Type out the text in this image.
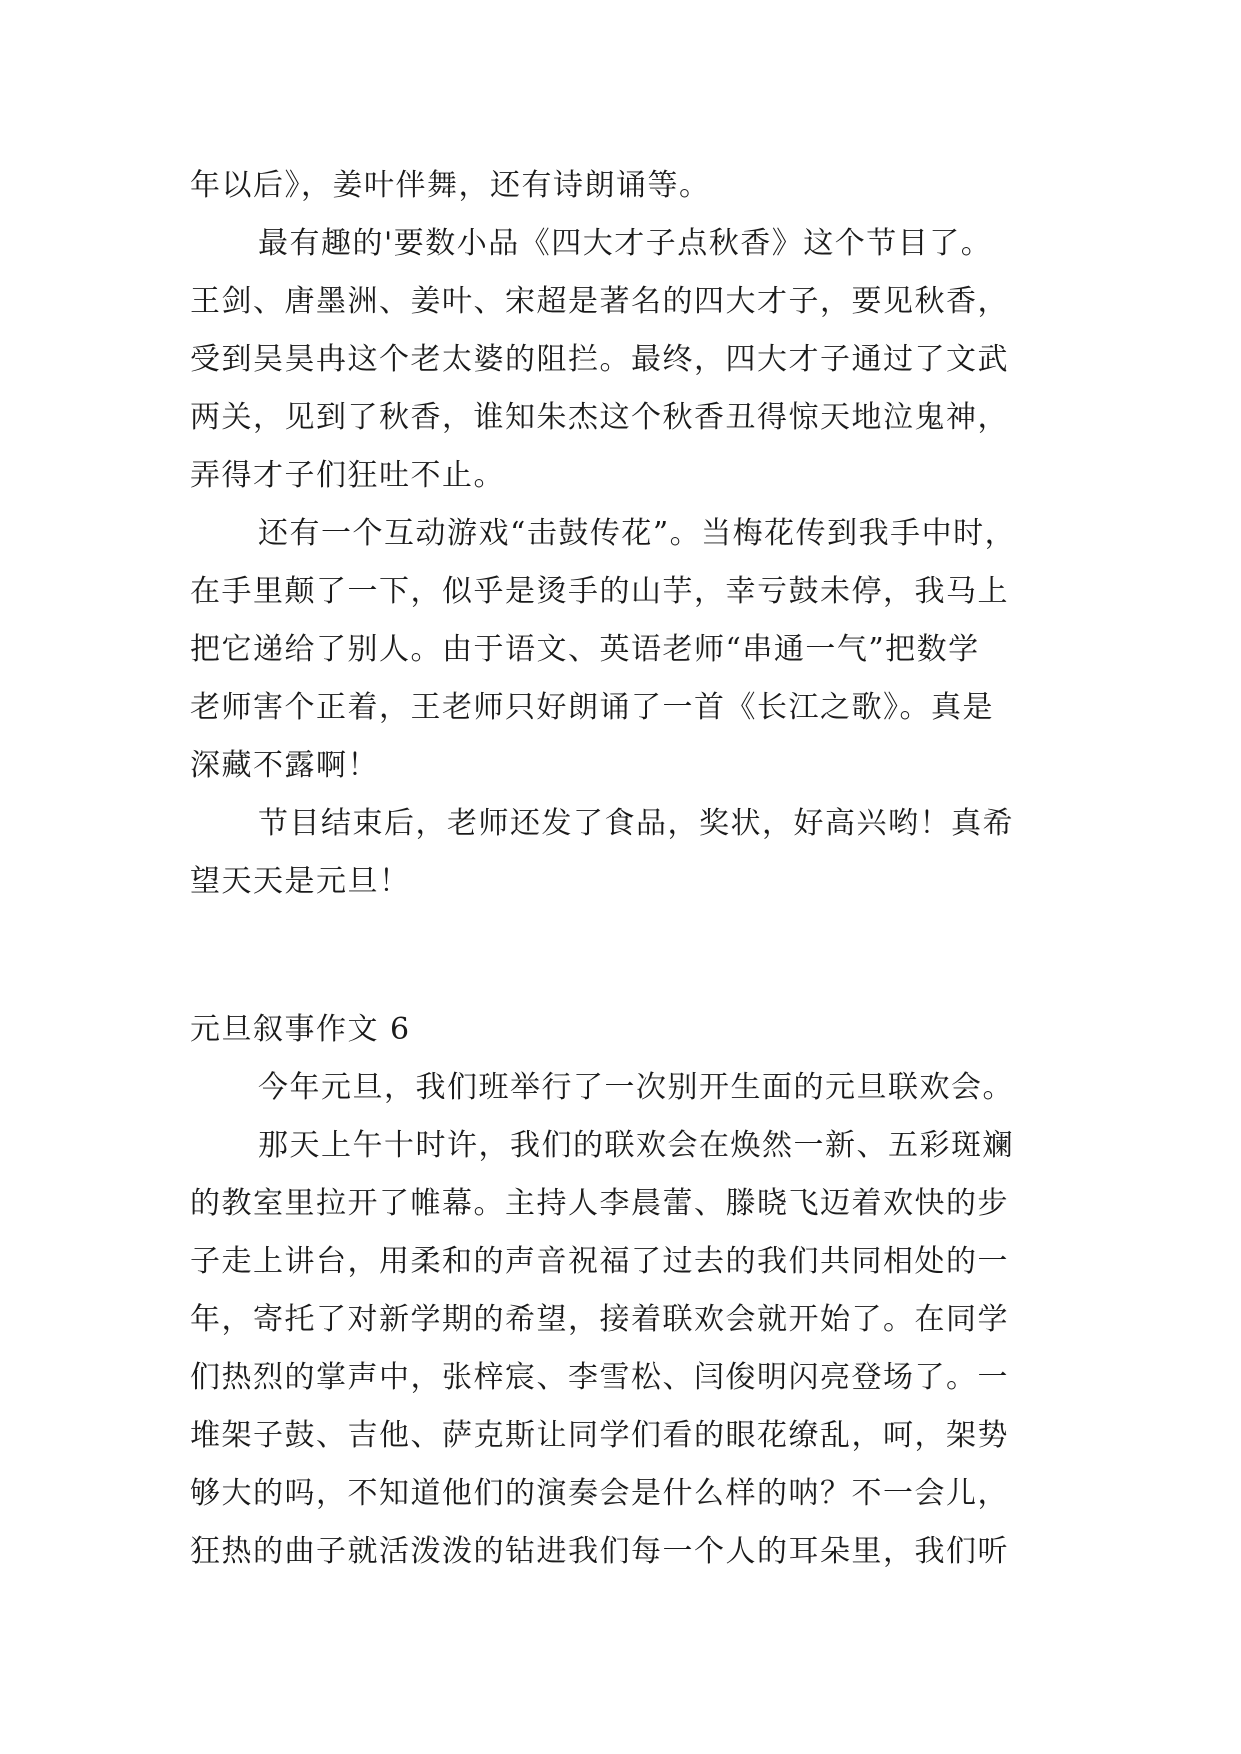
年以后》，姜叶伴舞，还有诗朗诵等。
最有趣的'要数小品《四大才子点秋香》这个节目了。
王剑、唐墨洲、姜叶、宋超是著名的四大才子，要见秋香，
受到吴昊冉这个老太婆的阻拦。最终，四大才子通过了文武
两关，见到了秋香，谁知朱杰这个秋香丑得惊天地泣鬼神，
弄得才子们狂吐不止。
还有一个互动游戏“击鼓传花”。当梅花传到我手中时，
在手里颠了一下，似乎是烫手的山芋，幸亏鼓未停，我马上
把它递给了别人。由于语文、英语老师“串通一气”把数学
老师害个正着，王老师只好朗诵了一首《长江之歌》。真是
深藏不露啊！
节目结束后，老师还发了食品，奖状，好高兴哟！真希
望天天是元旦！
元旦叙事作文 6
今年元旦，我们班举行了一次别开生面的元旦联欢会。
那天上午十时许，我们的联欢会在焕然一新、五彩斑斓
的教室里拉开了帷幕。主持人李晨蕾、滕晓飞迈着欢快的步
子走上讲台，用柔和的声音祝福了过去的我们共同相处的一
年，寄托了对新学期的希望，接着联欢会就开始了。在同学
们热烈的掌声中，张梓宸、李雪松、闫俊明闪亮登场了。一
堆架子鼓、吉他、萨克斯让同学们看的眼花缭乱，呵，架势
够大的吗，不知道他们的演奏会是什么样的呐？不一会儿，
狂热的曲子就活泼泼的钻进我们每一个人的耳朵里，我们听
